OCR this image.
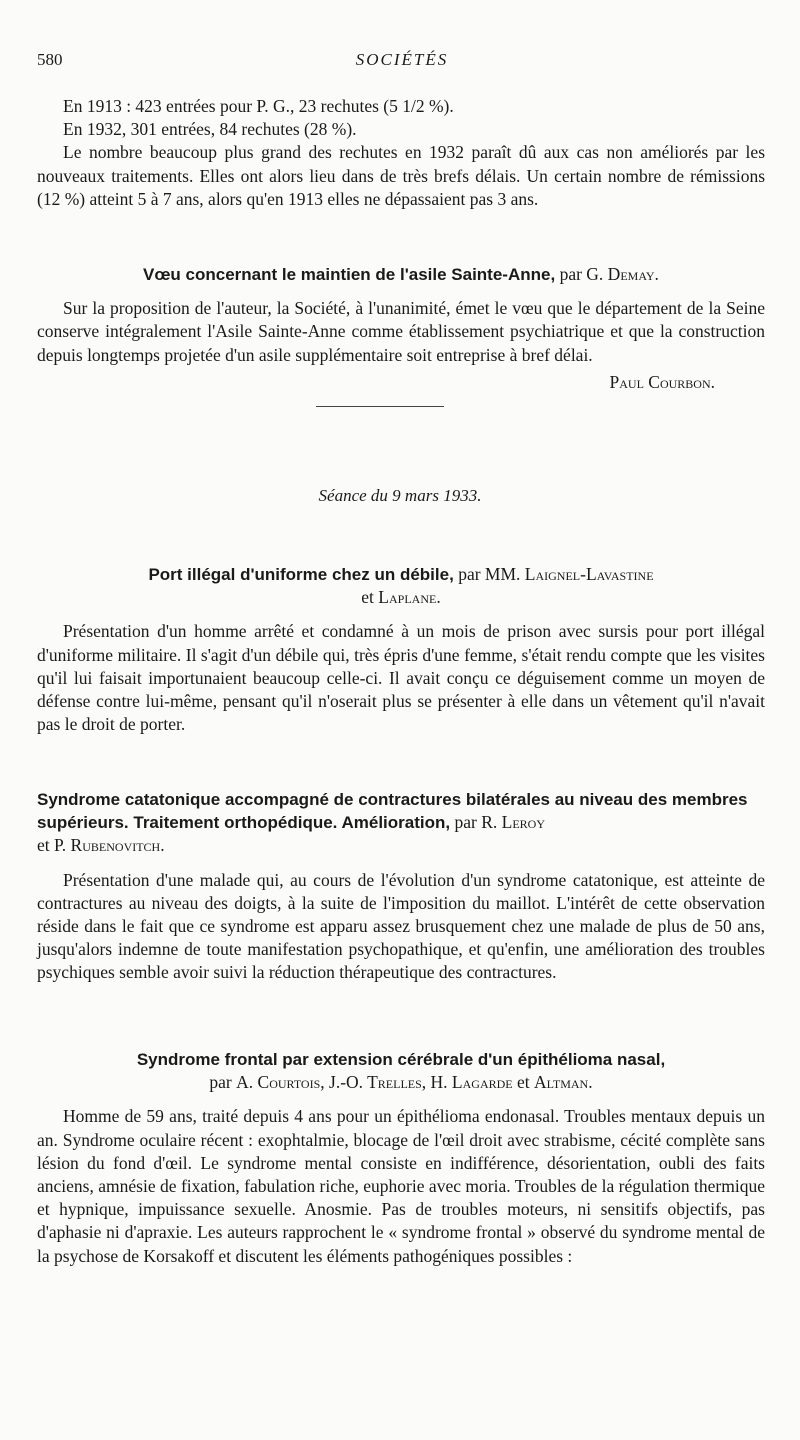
580	SOCIÉTÉS

En 1913 : 423 entrées pour P. G., 23 rechutes (5 1/2 %).

En 1932, 301 entrées, 84 rechutes (28 %).

Le nombre beaucoup plus grand des rechutes en 1932 paraît dû aux cas non améliorés par les nouveaux traitements. Elles ont alors lieu dans de très brefs délais. Un certain nombre de rémissions (12 %) atteint 5 à 7 ans, alors qu'en 1913 elles ne dépassaient pas 3 ans.

Vœu concernant le maintien de l'asile Sainte-Anne, par G. Demay.

Sur la proposition de l'auteur, la Société, à l'unanimité, émet le vœu que le département de la Seine conserve intégralement l'Asile Sainte-Anne comme établissement psychiatrique et que la construction depuis longtemps projetée d'un asile supplémentaire soit entreprise à bref délai.

Paul Courbon.

Séance du 9 mars 1933.

Port illégal d'uniforme chez un débile, par MM. Laignel-Lavastine
et Laplane.

Présentation d'un homme arrêté et condamné à un mois de prison avec sursis pour port illégal d'uniforme militaire. Il s'agit d'un débile qui, très épris d'une femme, s'était rendu compte que les visites qu'il lui faisait importunaient beaucoup celle-ci. Il avait conçu ce déguisement comme un moyen de défense contre lui-même, pensant qu'il n'oserait plus se présenter à elle dans un vêtement qu'il n'avait pas le droit de porter.

Syndrome catatonique accompagné de contractures bilatérales au niveau des membres supérieurs. Traitement orthopédique. Amélioration, par R. Leroy
et P. Rubenovitch.

Présentation d'une malade qui, au cours de l'évolution d'un syndrome catatonique, est atteinte de contractures au niveau des doigts, à la suite de l'imposition du maillot. L'intérêt de cette observation réside dans le fait que ce syndrome est apparu assez brusquement chez une malade de plus de 50 ans, jusqu'alors indemne de toute manifestation psychopathique, et qu'enfin, une amélioration des troubles psychiques semble avoir suivi la réduction thérapeutique des contractures.

Syndrome frontal par extension cérébrale d'un épithélioma nasal,
par A. Courtois, J.-O. Trelles, H. Lagarde et Altman.

Homme de 59 ans, traité depuis 4 ans pour un épithélioma endonasal. Troubles mentaux depuis un an. Syndrome oculaire récent : exophtalmie, blocage de l'œil droit avec strabisme, cécité complète sans lésion du fond d'œil. Le syndrome mental consiste en indifférence, désorientation, oubli des faits anciens, amnésie de fixation, fabulation riche, euphorie avec moria. Troubles de la régulation thermique et hypnique, impuissance sexuelle. Anosmie. Pas de troubles moteurs, ni sensitifs objectifs, pas d'aphasie ni d'apraxie. Les auteurs rapprochent le « syndrome frontal » observé du syndrome mental de la psychose de Korsakoff et discutent les éléments pathogéniques possibles :
